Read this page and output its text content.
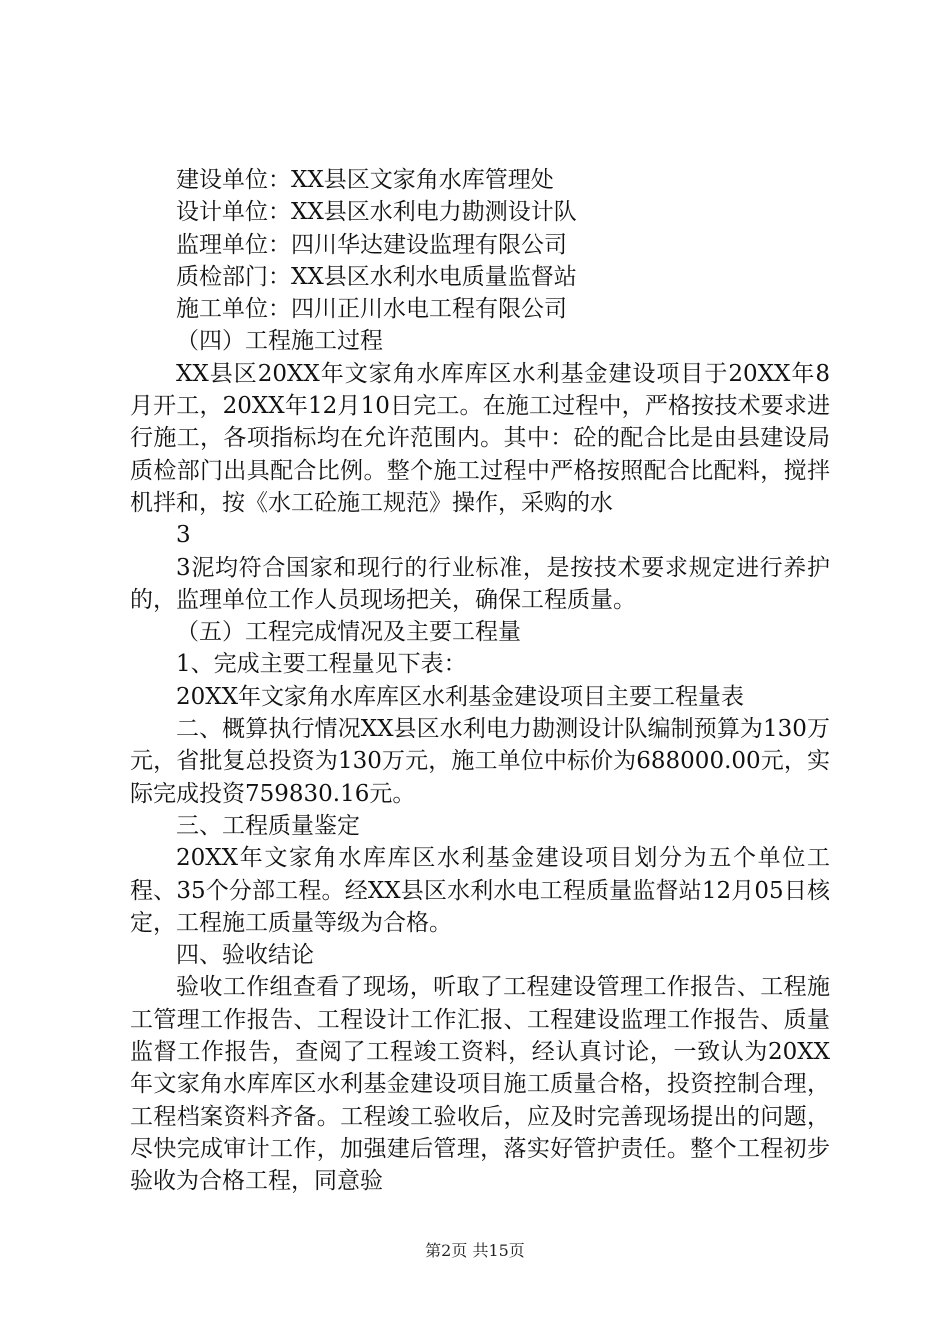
建设单位：XX县区文家角水库管理处

设计单位：XX县区水利电力勘测设计队

监理单位：四川华达建设监理有限公司

质检部门：XX县区水利水电质量监督站

施工单位：四川正川水电工程有限公司

（四）工程施工过程

XX县区20XX年文家角水库库区水利基金建设项目于20XX年8月开工，20XX年12月10日完工。在施工过程中，严格按技术要求进行施工，各项指标均在允许范围内。其中：砼的配合比是由县建设局质检部门出具配合比例。整个施工过程中严格按照配合比配料，搅拌机拌和，按《水工砼施工规范》操作，采购的水

3

3泥均符合国家和现行的行业标准，是按技术要求规定进行养护的，监理单位工作人员现场把关，确保工程质量。

（五）工程完成情况及主要工程量

1、完成主要工程量见下表：

20XX年文家角水库库区水利基金建设项目主要工程量表

二、概算执行情况XX县区水利电力勘测设计队编制预算为130万元，省批复总投资为130万元，施工单位中标价为688000.00元，实际完成投资759830.16元。

三、工程质量鉴定

20XX年文家角水库库区水利基金建设项目划分为五个单位工程、35个分部工程。经XX县区水利水电工程质量监督站12月05日核定，工程施工质量等级为合格。

四、验收结论

验收工作组查看了现场，听取了工程建设管理工作报告、工程施工管理工作报告、工程设计工作汇报、工程建设监理工作报告、质量监督工作报告，查阅了工程竣工资料，经认真讨论，一致认为20XX年文家角水库库区水利基金建设项目施工质量合格，投资控制合理，工程档案资料齐备。工程竣工验收后，应及时完善现场提出的问题，尽快完成审计工作，加强建后管理，落实好管护责任。整个工程初步验收为合格工程，同意验

第2页 共15页
